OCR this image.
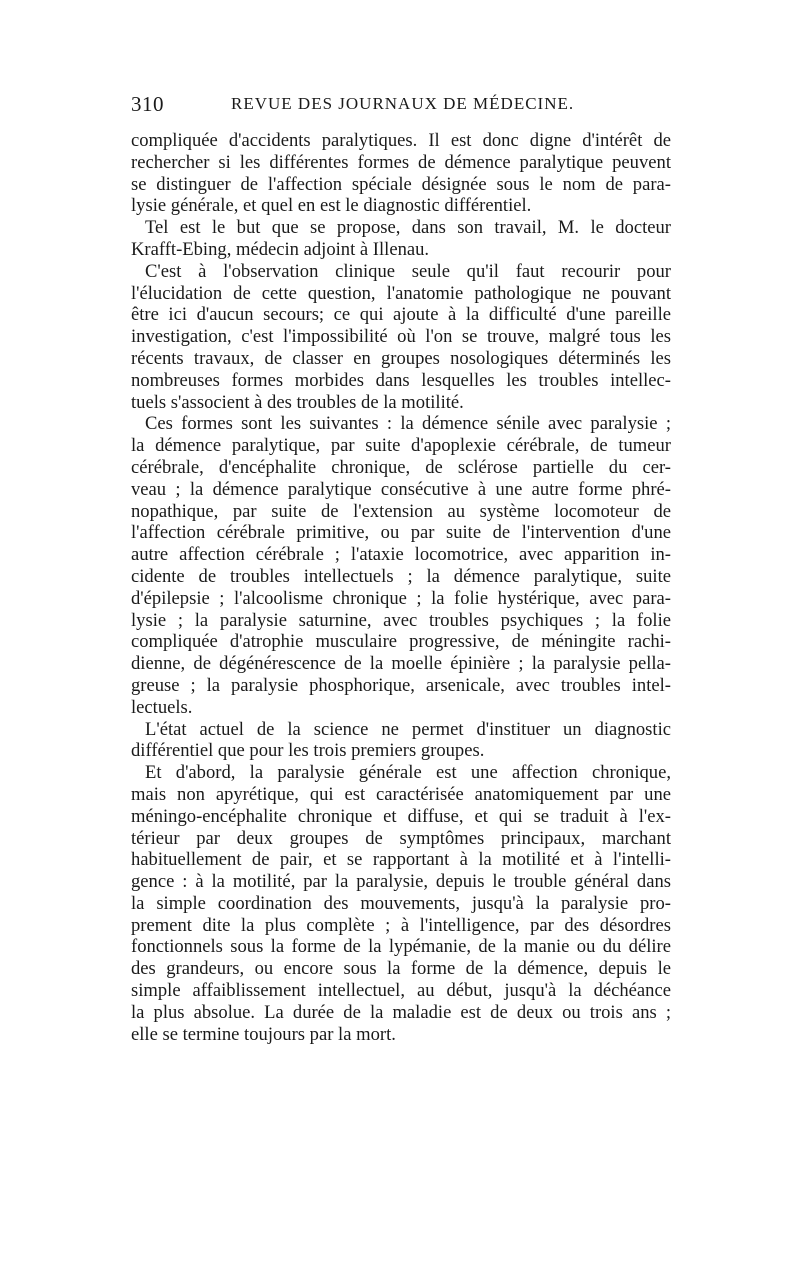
310	REVUE DES JOURNAUX DE MÉDECINE.
compliquée d'accidents paralytiques. Il est donc digne d'intérêt de
rechercher si les différentes formes de démence paralytique peuvent
se distinguer de l'affection spéciale désignée sous le nom de para-
lysie générale, et quel en est le diagnostic différentiel.
Tel est le but que se propose, dans son travail, M. le docteur
Krafft-Ebing, médecin adjoint à Illenau.
C'est à l'observation clinique seule qu'il faut recourir pour
l'élucidation de cette question, l'anatomie pathologique ne pouvant
être ici d'aucun secours; ce qui ajoute à la difficulté d'une pareille
investigation, c'est l'impossibilité où l'on se trouve, malgré tous les
récents travaux, de classer en groupes nosologiques déterminés les
nombreuses formes morbides dans lesquelles les troubles intellec-
tuels s'associent à des troubles de la motilité.
Ces formes sont les suivantes : la démence sénile avec paralysie ;
la démence paralytique, par suite d'apoplexie cérébrale, de tumeur
cérébrale, d'encéphalite chronique, de sclérose partielle du cer-
veau ; la démence paralytique consécutive à une autre forme phré-
nopathique, par suite de l'extension au système locomoteur de
l'affection cérébrale primitive, ou par suite de l'intervention d'une
autre affection cérébrale ; l'ataxie locomotrice, avec apparition in-
cidente de troubles intellectuels ; la démence paralytique, suite
d'épilepsie ; l'alcoolisme chronique ; la folie hystérique, avec para-
lysie ; la paralysie saturnine, avec troubles psychiques ; la folie
compliquée d'atrophie musculaire progressive, de méningite rachi-
dienne, de dégénérescence de la moelle épinière ; la paralysie pella-
greuse ; la paralysie phosphorique, arsenicale, avec troubles intel-
lectuels.
L'état actuel de la science ne permet d'instituer un diagnostic
différentiel que pour les trois premiers groupes.
Et d'abord, la paralysie générale est une affection chronique,
mais non apyrétique, qui est caractérisée anatomiquement par une
méningo-encéphalite chronique et diffuse, et qui se traduit à l'ex-
térieur par deux groupes de symptômes principaux, marchant
habituellement de pair, et se rapportant à la motilité et à l'intelli-
gence : à la motilité, par la paralysie, depuis le trouble général dans
la simple coordination des mouvements, jusqu'à la paralysie pro-
prement dite la plus complète ; à l'intelligence, par des désordres
fonctionnels sous la forme de la lypémanie, de la manie ou du délire
des grandeurs, ou encore sous la forme de la démence, depuis le
simple affaiblissement intellectuel, au début, jusqu'à la déchéance
la plus absolue. La durée de la maladie est de deux ou trois ans ;
elle se termine toujours par la mort.
